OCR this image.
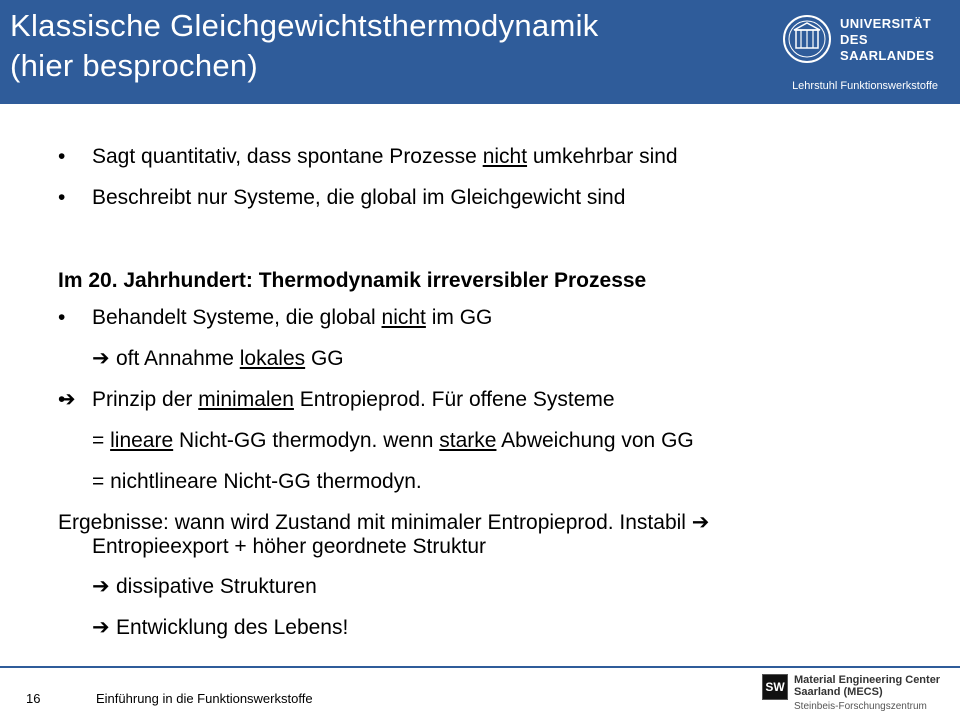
Klassische Gleichgewichtsthermodynamik
(hier besprochen)
UNIVERSITÄT
DES
SAARLANDES
Lehrstuhl Funktionswerkstoffe
• Sagt quantitativ, dass spontane Prozesse nicht umkehrbar sind
• Beschreibt nur Systeme, die global im Gleichgewicht sind
Im 20. Jahrhundert: Thermodynamik irreversibler Prozesse
• Behandelt Systeme, die global nicht im GG
➔ oft Annahme lokales GG
• ➔ Prinzip der minimalen Entropieprod. Für offene Systeme
= lineare Nicht-GG thermodyn. wenn starke Abweichung von GG
= nichtlineare Nicht-GG thermodyn.
Ergebnisse: wann wird Zustand mit minimaler Entropieprod. Instabil ➔
Entropieexport + höher geordnete Struktur
➔ dissipative Strukturen
➔ Entwicklung des Lebens!
16	Einführung in die Funktionswerkstoffe
SW Material Engineering Center
Saarland (MECS)
Steinbeis-Forschungszentrum
